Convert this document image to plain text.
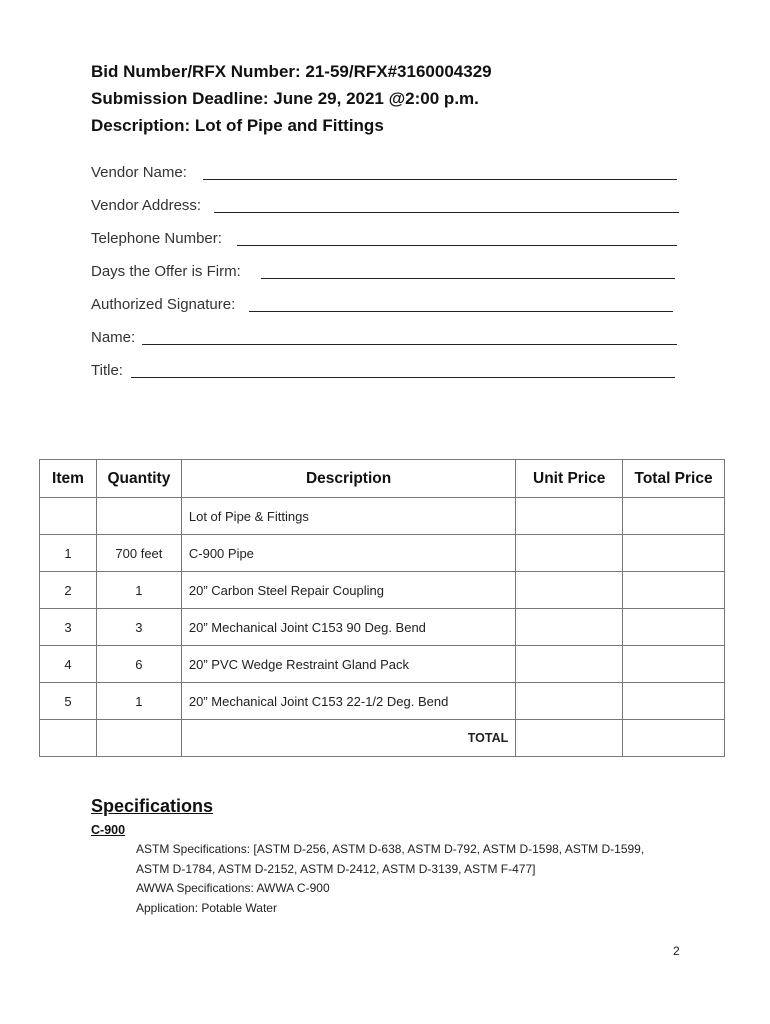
Bid Number/RFX Number: 21-59/RFX#3160004329
Submission Deadline: June 29, 2021 @2:00 p.m.
Description: Lot of Pipe and Fittings
Vendor Name:
Vendor Address:
Telephone Number:
Days the Offer is Firm:
Authorized Signature:
Name:
Title:
Item	Quantity	Description	Unit Price	Total Price
		Lot of Pipe & Fittings		
1	700 feet	C-900 Pipe		
2	1	20” Carbon Steel Repair Coupling		
3	3	20” Mechanical Joint C153 90 Deg. Bend		
4	6	20” PVC Wedge Restraint Gland Pack		
5	1	20” Mechanical Joint C153 22-1/2 Deg. Bend		
		TOTAL		
Specifications
C-900
ASTM Specifications: [ASTM D-256, ASTM D-638, ASTM D-792, ASTM D-1598, ASTM D-1599,
ASTM D-1784, ASTM D-2152, ASTM D-2412, ASTM D-3139, ASTM F-477]
AWWA Specifications: AWWA C-900
Application: Potable Water
2
